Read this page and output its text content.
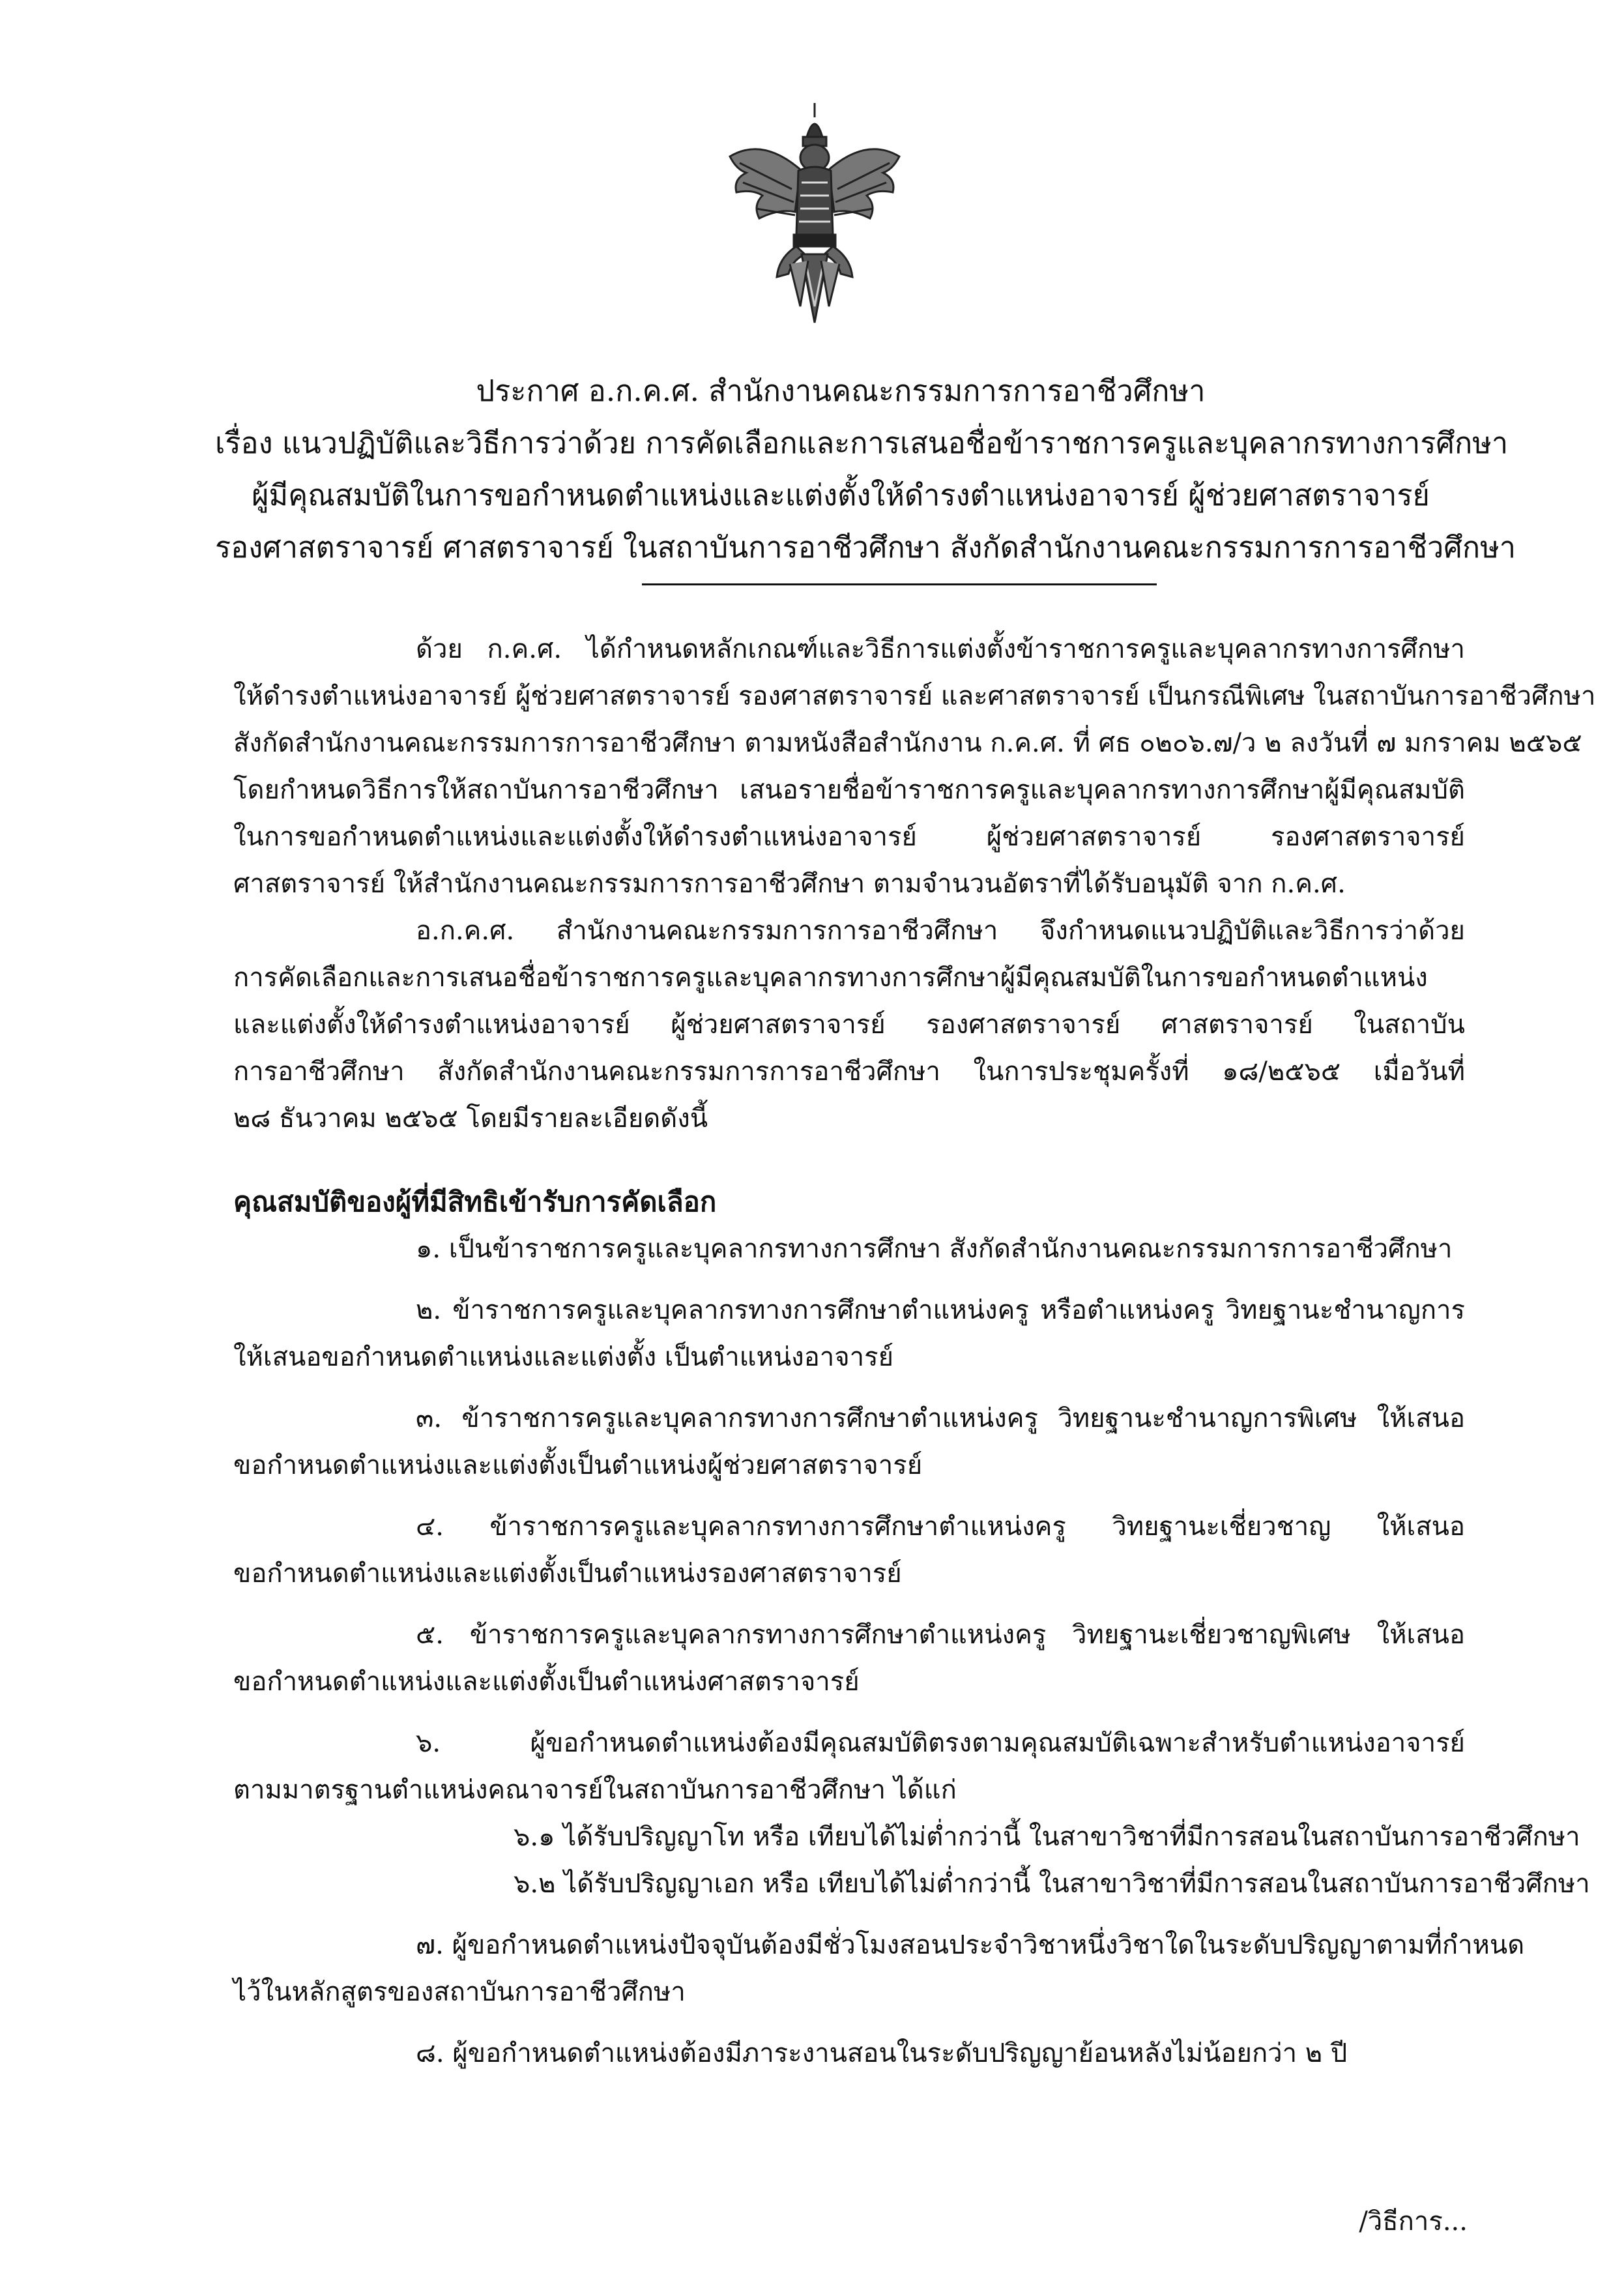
ประกาศ อ.ก.ค.ศ. สำนักงานคณะกรรมการการอาชีวศึกษา
เรื่อง แนวปฏิบัติและวิธีการว่าด้วย การคัดเลือกและการเสนอชื่อข้าราชการครูและบุคลากรทางการศึกษา
ผู้มีคุณสมบัติในการขอกำหนดตำแหน่งและแต่งตั้งให้ดำรงตำแหน่งอาจารย์ ผู้ช่วยศาสตราจารย์
รองศาสตราจารย์ ศาสตราจารย์ ในสถาบันการอาชีวศึกษา สังกัดสำนักงานคณะกรรมการการอาชีวศึกษา
ด้วย ก.ค.ศ. ได้กำหนดหลักเกณฑ์และวิธีการแต่งตั้งข้าราชการครูและบุคลากรทางการศึกษา
ให้ดำรงตำแหน่งอาจารย์ ผู้ช่วยศาสตราจารย์ รองศาสตราจารย์ และศาสตราจารย์ เป็นกรณีพิเศษ ในสถาบันการอาชีวศึกษา
สังกัดสำนักงานคณะกรรมการการอาชีวศึกษา ตามหนังสือสำนักงาน ก.ค.ศ. ที่ ศธ ๐๒๐๖.๗/ว ๒ ลงวันที่ ๗ มกราคม ๒๕๖๕
โดยกำหนดวิธีการให้สถาบันการอาชีวศึกษา เสนอรายชื่อข้าราชการครูและบุคลากรทางการศึกษาผู้มีคุณสมบัติ
ในการขอกำหนดตำแหน่งและแต่งตั้งให้ดำรงตำแหน่งอาจารย์ ผู้ช่วยศาสตราจารย์ รองศาสตราจารย์
ศาสตราจารย์ ให้สำนักงานคณะกรรมการการอาชีวศึกษา ตามจำนวนอัตราที่ได้รับอนุมัติ จาก ก.ค.ศ.
อ.ก.ค.ศ. สำนักงานคณะกรรมการการอาชีวศึกษา จึงกำหนดแนวปฏิบัติและวิธีการว่าด้วย
การคัดเลือกและการเสนอชื่อข้าราชการครูและบุคลากรทางการศึกษาผู้มีคุณสมบัติในการขอกำหนดตำแหน่ง
และแต่งตั้งให้ดำรงตำแหน่งอาจารย์ ผู้ช่วยศาสตราจารย์ รองศาสตราจารย์ ศาสตราจารย์ ในสถาบัน
การอาชีวศึกษา สังกัดสำนักงานคณะกรรมการการอาชีวศึกษา ในการประชุมครั้งที่ ๑๘/๒๕๖๕ เมื่อวันที่
๒๘ ธันวาคม ๒๕๖๕ โดยมีรายละเอียดดังนี้
คุณสมบัติของผู้ที่มีสิทธิเข้ารับการคัดเลือก
๑. เป็นข้าราชการครูและบุคลากรทางการศึกษา สังกัดสำนักงานคณะกรรมการการอาชีวศึกษา
๒. ข้าราชการครูและบุคลากรทางการศึกษาตำแหน่งครู หรือตำแหน่งครู วิทยฐานะชำนาญการ
ให้เสนอขอกำหนดตำแหน่งและแต่งตั้ง เป็นตำแหน่งอาจารย์
๓. ข้าราชการครูและบุคลากรทางการศึกษาตำแหน่งครู วิทยฐานะชำนาญการพิเศษ ให้เสนอ
ขอกำหนดตำแหน่งและแต่งตั้งเป็นตำแหน่งผู้ช่วยศาสตราจารย์
๔. ข้าราชการครูและบุคลากรทางการศึกษาตำแหน่งครู วิทยฐานะเชี่ยวชาญ ให้เสนอ
ขอกำหนดตำแหน่งและแต่งตั้งเป็นตำแหน่งรองศาสตราจารย์
๕. ข้าราชการครูและบุคลากรทางการศึกษาตำแหน่งครู วิทยฐานะเชี่ยวชาญพิเศษ ให้เสนอ
ขอกำหนดตำแหน่งและแต่งตั้งเป็นตำแหน่งศาสตราจารย์
๖. ผู้ขอกำหนดตำแหน่งต้องมีคุณสมบัติตรงตามคุณสมบัติเฉพาะสำหรับตำแหน่งอาจารย์
ตามมาตรฐานตำแหน่งคณาจารย์ในสถาบันการอาชีวศึกษา ได้แก่
๖.๑ ได้รับปริญญาโท หรือ เทียบได้ไม่ต่ำกว่านี้ ในสาขาวิชาที่มีการสอนในสถาบันการอาชีวศึกษา
๖.๒ ได้รับปริญญาเอก หรือ เทียบได้ไม่ต่ำกว่านี้ ในสาขาวิชาที่มีการสอนในสถาบันการอาชีวศึกษา
๗. ผู้ขอกำหนดตำแหน่งปัจจุบันต้องมีชั่วโมงสอนประจำวิชาหนึ่งวิชาใดในระดับปริญญาตามที่กำหนด
ไว้ในหลักสูตรของสถาบันการอาชีวศึกษา
๘. ผู้ขอกำหนดตำแหน่งต้องมีภาระงานสอนในระดับปริญญาย้อนหลังไม่น้อยกว่า ๒ ปี
/วิธีการ...
